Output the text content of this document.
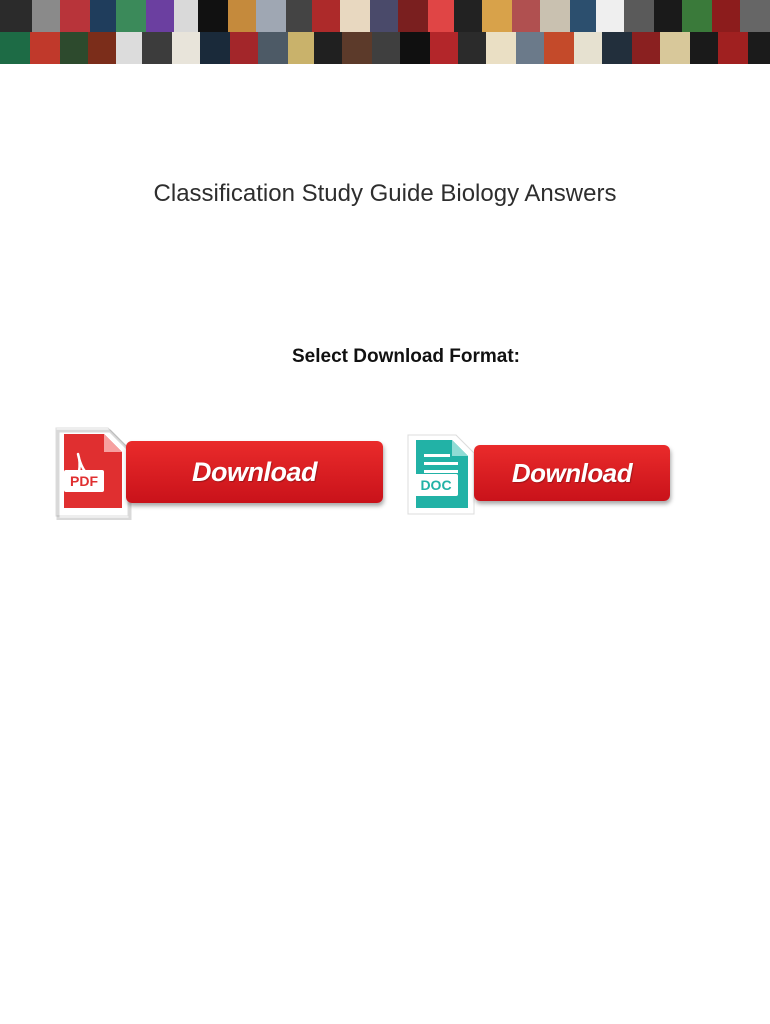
Classification Study Guide Biology Answers
Select Download Format:
PDF	Download	DOC Download
